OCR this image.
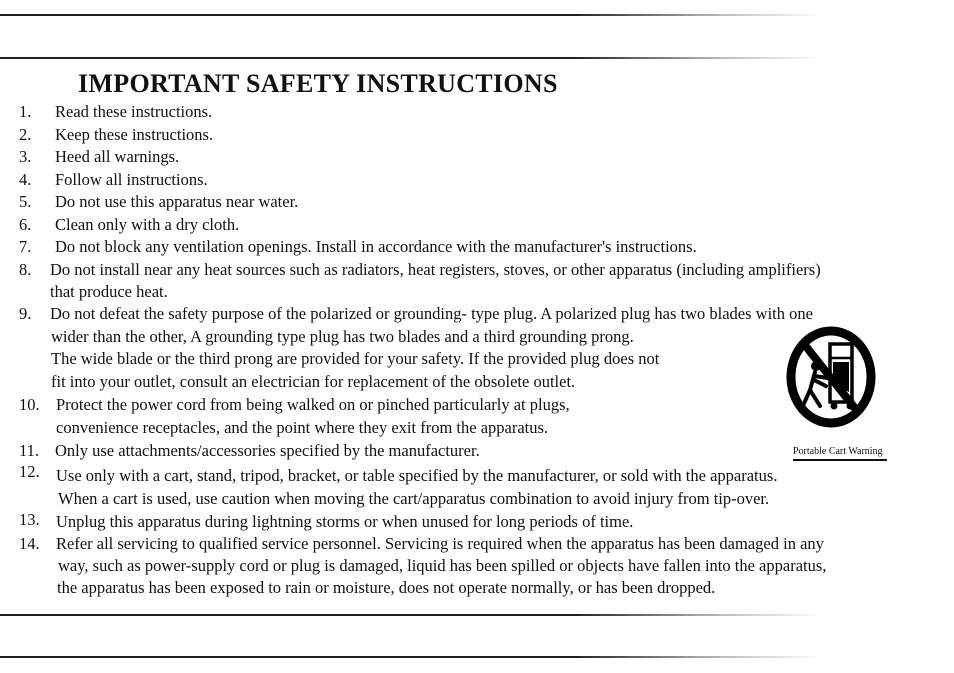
EDEN | WTX SERIES | SAFETY INSTRUCTIONS
IMPORTANT SAFETY INSTRUCTIONS
1. Read these instructions.
2. Keep these instructions.
3. Heed all warnings.
4. Follow all instructions.
5. Do not use this apparatus near water.
6. Clean only with a dry cloth.
7. Do not block any ventilation openings. Install in accordance with the manufacturer's instructions.
8. Do not install near any heat sources such as radiators, heat registers, stoves, or other apparatus (including amplifiers)
that produce heat.
9. Do not defeat the safety purpose of the polarized or grounding- type plug. A polarized plug has two blades with one
wider than the other, A grounding type plug has two blades and a third grounding prong.
The wide blade or the third prong are provided for your safety. If the provided plug does not
fit into your outlet, consult an electrician for replacement of the obsolete outlet.
10. Protect the power cord from being walked on or pinched particularly at plugs,
convenience receptacles, and the point where they exit from the apparatus.
11. Only use attachments/accessories specified by the manufacturer.
12. Use only with a cart, stand, tripod, bracket, or table specified by the manufacturer, or sold with the apparatus.
When a cart is used, use caution when moving the cart/apparatus combination to avoid injury from tip-over.
13. Unplug this apparatus during lightning storms or when unused for long periods of time.
14. Refer all servicing to qualified service personnel. Servicing is required when the apparatus has been damaged in any
way, such as power-supply cord or plug is damaged, liquid has been spilled or objects have fallen into the apparatus,
the apparatus has been exposed to rain or moisture, does not operate normally, or has been dropped.
Portable Cart Warning
2 | HI FIDELITY FOR LOW FREQUENCY
